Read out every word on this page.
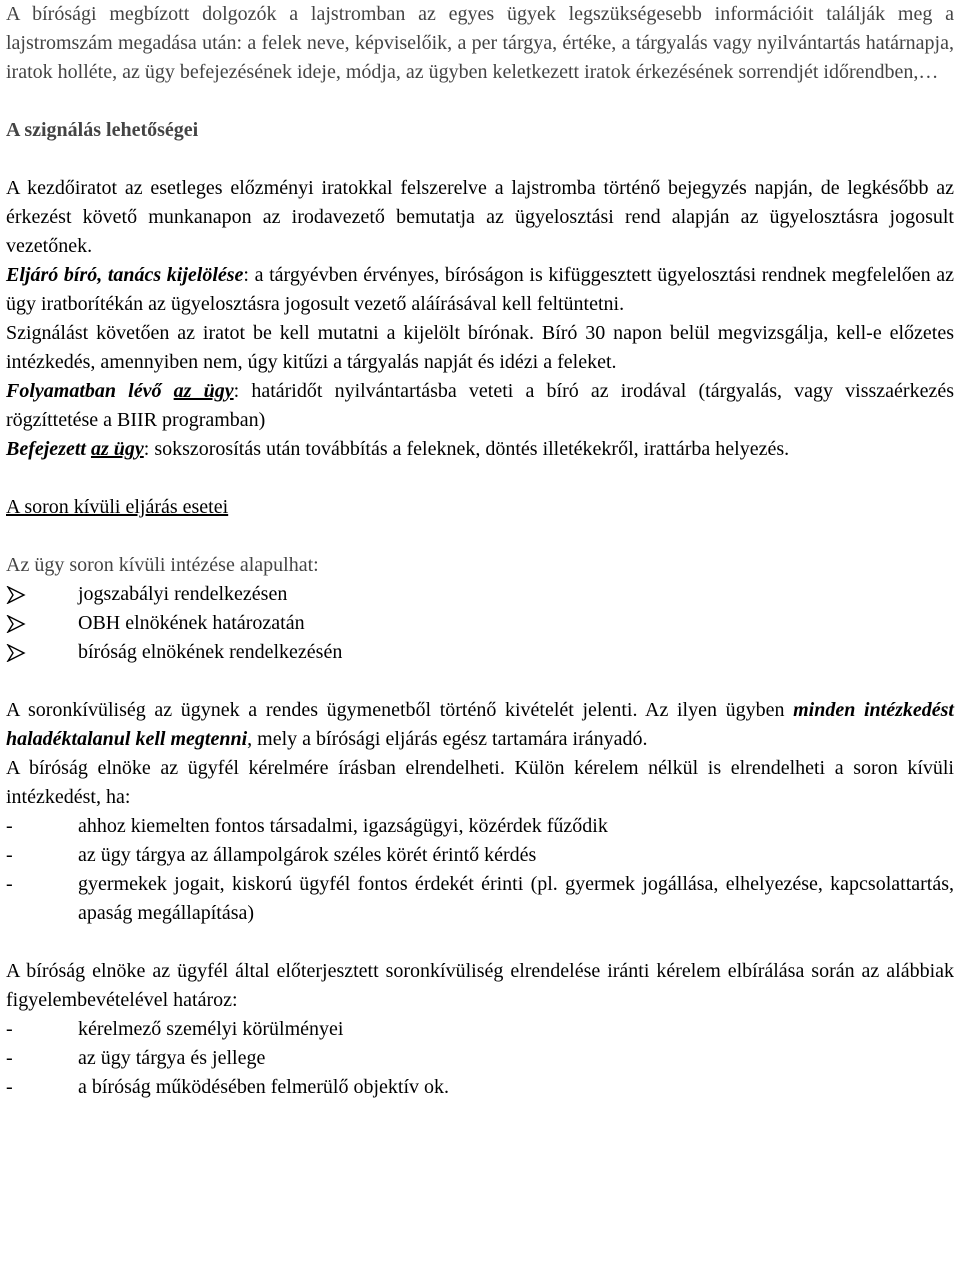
A bírósági megbízott dolgozók a lajstromban az egyes ügyek legszükségesebb információit találják meg a lajstromszám megadása után: a felek neve, képviselőik, a per tárgya, értéke, a tárgyalás vagy nyilvántartás határnapja, iratok holléte, az ügy befejezésének ideje, módja, az ügyben keletkezett iratok érkezésének sorrendjét időrendben,…

A szignálás lehetőségei

A kezdőiratot az esetleges előzményi iratokkal felszerelve a lajstromba történő bejegyzés napján, de legkésőbb az érkezést követő munkanapon az irodavezető bemutatja az ügyelosztási rend alapján az ügyelosztásra jogosult vezetőnek.

Eljáró bíró, tanács kijelölése: a tárgyévben érvényes, bíróságon is kifüggesztett ügyelosztási rendnek megfelelően az ügy iratborítékán az ügyelosztásra jogosult vezető aláírásával kell feltüntetni.

Szignálást követően az iratot be kell mutatni a kijelölt bírónak. Bíró 30 napon belül megvizsgálja, kell-e előzetes intézkedés, amennyiben nem, úgy kitűzi a tárgyalás napját és idézi a feleket.

Folyamatban lévő az ügy: határidőt nyilvántartásba veteti a bíró az irodával (tárgyalás, vagy visszaérkezés rögzíttetése a BIIR programban)

Befejezett az ügy: sokszorosítás után továbbítás a feleknek, döntés illetékekről, irattárba helyezés.

A soron kívüli eljárás esetei

Az ügy soron kívüli intézése alapulhat:

jogszabályi rendelkezésen
OBH elnökének határozatán
bíróság elnökének rendelkezésén

A soronkívüliség az ügynek a rendes ügymenetből történő kivételét jelenti. Az ilyen ügyben minden intézkedést haladéktalanul kell megtenni, mely a bírósági eljárás egész tartamára irányadó.

A bíróság elnöke az ügyfél kérelmére írásban elrendelheti. Külön kérelem nélkül is elrendelheti a soron kívüli intézkedést, ha:

-	ahhoz kiemelten fontos társadalmi, igazságügyi, közérdek fűződik
-	az ügy tárgya az állampolgárok széles körét érintő kérdés
-	gyermekek jogait, kiskorú ügyfél fontos érdekét érinti (pl. gyermek jogállása, elhelyezése, kapcsolattartás, apaság megállapítása)

A bíróság elnöke az ügyfél által előterjesztett soronkívüliség elrendelése iránti kérelem elbírálása során az alábbiak figyelembevételével határoz:

-	kérelmező személyi körülményei
-	az ügy tárgya és jellege
-	a bíróság működésében felmerülő objektív ok.
